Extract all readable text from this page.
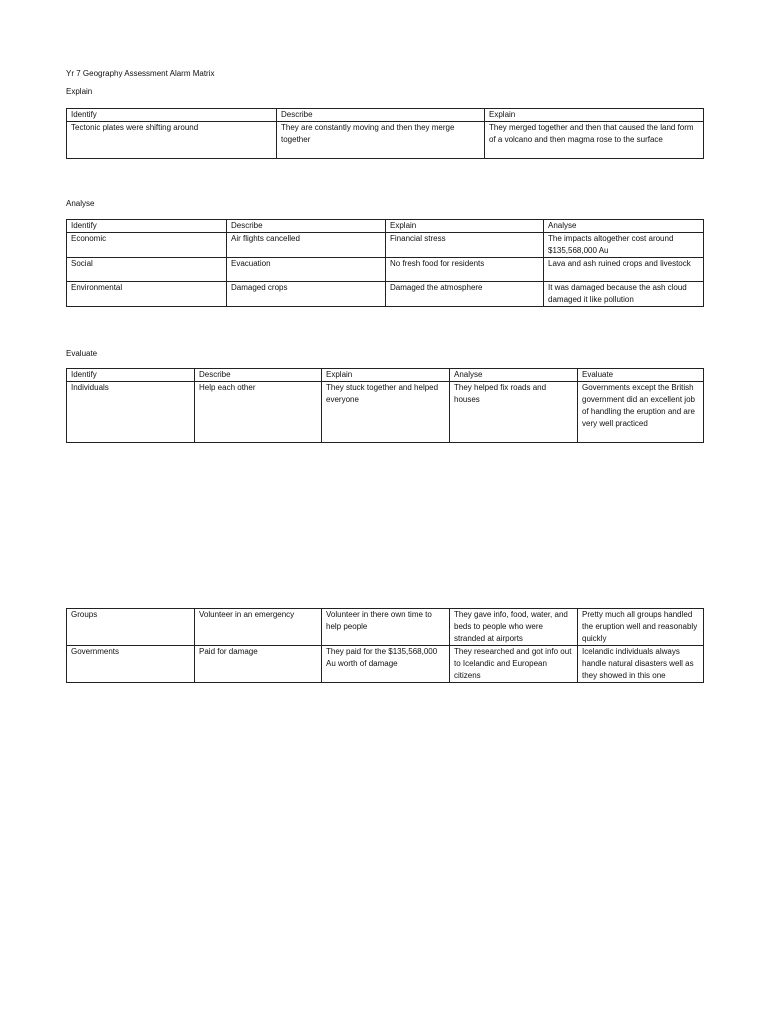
Yr 7 Geography Assessment Alarm Matrix
Explain
Identify	Describe	Explain
Tectonic plates were shifting around	They are constantly moving and then they merge together	They merged together and then that caused the land form of a volcano and then magma rose to the surface
Analyse
Identify	Describe	Explain	Analyse
Economic	Air flights cancelled	Financial stress	The impacts altogether cost around $135,568,000 Au
Social	Evacuation	No fresh food for residents	Lava and ash ruined crops and livestock
Environmental	Damaged crops	Damaged the atmosphere	It was damaged because the ash cloud damaged it like pollution
Evaluate
Identify	Describe	Explain	Analyse	Evaluate
Individuals	Help each other	They stuck together and helped everyone	They helped fix roads and houses	Governments except the British government did an excellent job of handling the eruption and are very well practiced
Groups	Volunteer in an emergency	Volunteer in there own time to help people	They gave info, food, water, and beds to people who were stranded at airports	Pretty much all groups handled the eruption well and reasonably quickly
Governments	Paid for damage	They paid for the $135,568,000 Au worth of damage	They researched and got info out to Icelandic and European citizens	Icelandic individuals always handle natural disasters well as they showed in this one
